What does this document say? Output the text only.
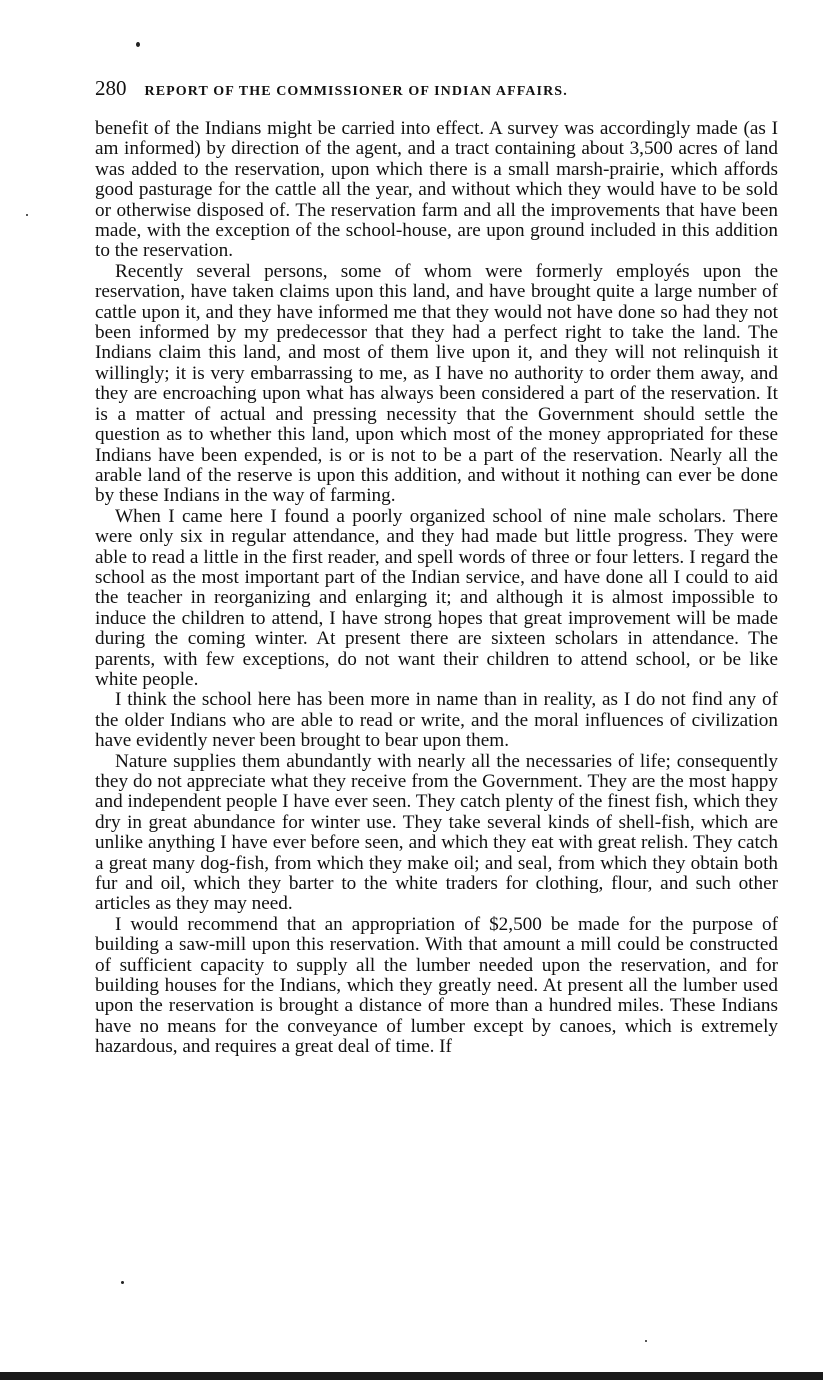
280 REPORT OF THE COMMISSIONER OF INDIAN AFFAIRS.

benefit of the Indians might be carried into effect. A survey was accordingly made (as I am informed) by direction of the agent, and a tract containing about 3,500 acres of land was added to the reservation, upon which there is a small marsh-prairie, which affords good pasturage for the cattle all the year, and without which they would have to be sold or otherwise disposed of. The reservation farm and all the improvements that have been made, with the exception of the school-house, are upon ground included in this addition to the reservation.

Recently several persons, some of whom were formerly employés upon the reservation, have taken claims upon this land, and have brought quite a large number of cattle upon it, and they have informed me that they would not have done so had they not been informed by my predecessor that they had a perfect right to take the land. The Indians claim this land, and most of them live upon it, and they will not relinquish it willingly; it is very embarrassing to me, as I have no authority to order them away, and they are encroaching upon what has always been considered a part of the reservation. It is a matter of actual and pressing necessity that the Government should settle the question as to whether this land, upon which most of the money appropriated for these Indians have been expended, is or is not to be a part of the reservation. Nearly all the arable land of the reserve is upon this addition, and without it nothing can ever be done by these Indians in the way of farming.

When I came here I found a poorly organized school of nine male scholars. There were only six in regular attendance, and they had made but little progress. They were able to read a little in the first reader, and spell words of three or four letters. I regard the school as the most important part of the Indian service, and have done all I could to aid the teacher in reorganizing and enlarging it; and although it is almost impossible to induce the children to attend, I have strong hopes that great improvement will be made during the coming winter. At present there are sixteen scholars in attendance. The parents, with few exceptions, do not want their children to attend school, or be like white people.

I think the school here has been more in name than in reality, as I do not find any of the older Indians who are able to read or write, and the moral influences of civilization have evidently never been brought to bear upon them.

Nature supplies them abundantly with nearly all the necessaries of life; consequently they do not appreciate what they receive from the Government. They are the most happy and independent people I have ever seen. They catch plenty of the finest fish, which they dry in great abundance for winter use. They take several kinds of shell-fish, which are unlike anything I have ever before seen, and which they eat with great relish. They catch a great many dog-fish, from which they make oil; and seal, from which they obtain both fur and oil, which they barter to the white traders for clothing, flour, and such other articles as they may need.

I would recommend that an appropriation of $2,500 be made for the purpose of building a saw-mill upon this reservation. With that amount a mill could be constructed of sufficient capacity to supply all the lumber needed upon the reservation, and for building houses for the Indians, which they greatly need. At present all the lumber used upon the reservation is brought a distance of more than a hundred miles. These Indians have no means for the conveyance of lumber except by canoes, which is extremely hazardous, and requires a great deal of time. If
